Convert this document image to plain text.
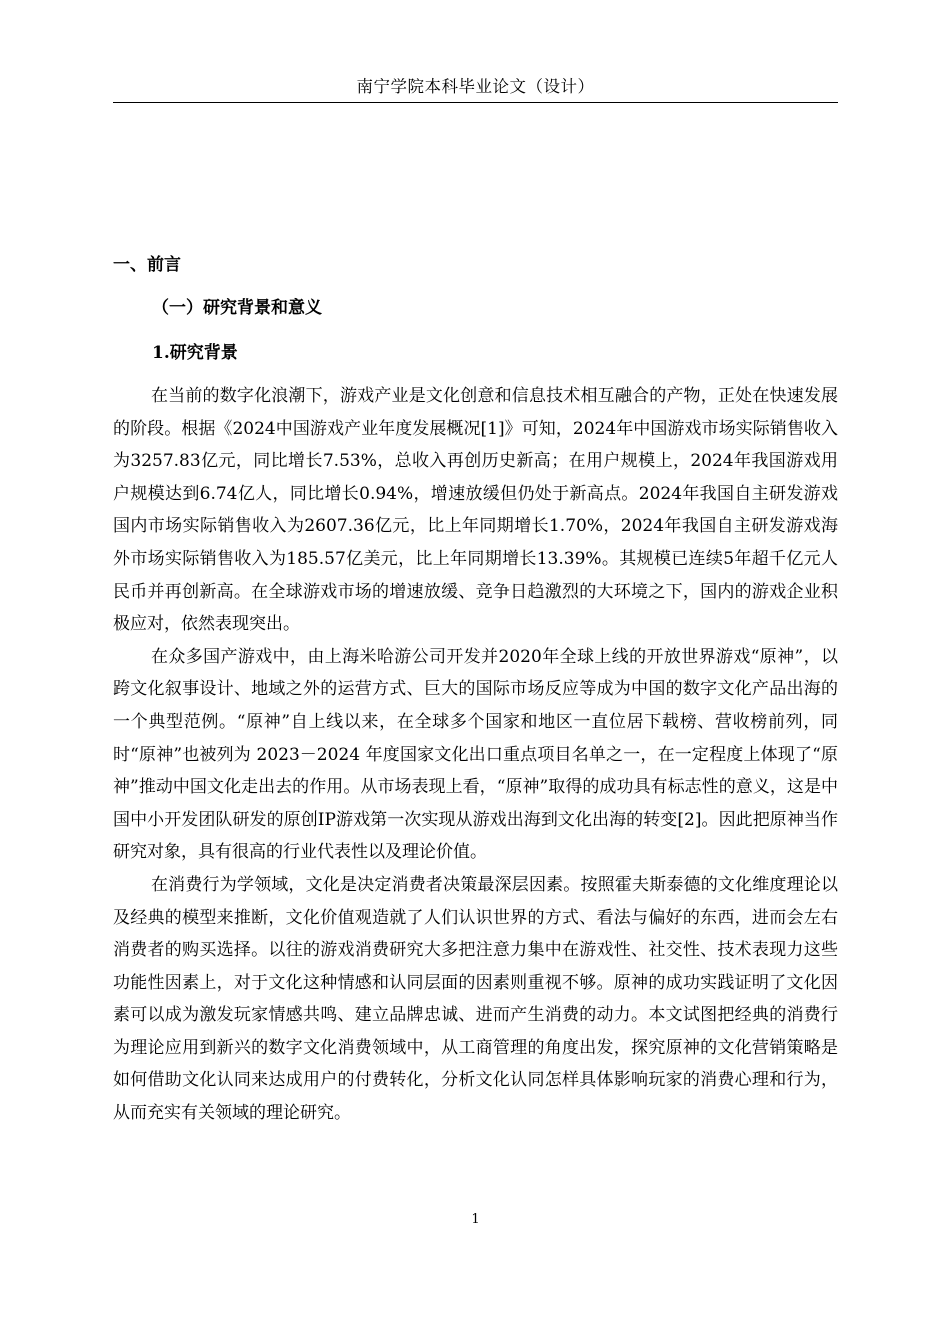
南宁学院本科毕业论文（设计）
一、前言
（一）研究背景和意义
1.研究背景

在当前的数字化浪潮下，游戏产业是文化创意和信息技术相互融合的产物，正处在快速发展的阶段。根据《2024中国游戏产业年度发展概况[1]》可知，2024年中国游戏市场实际销售收入为3257.83亿元，同比增长7.53%，总收入再创历史新高；在用户规模上，2024年我国游戏用户规模达到6.74亿人，同比增长0.94%，增速放缓但仍处于新高点。2024年我国自主研发游戏国内市场实际销售收入为2607.36亿元，比上年同期增长1.70%，2024年我国自主研发游戏海外市场实际销售收入为185.57亿美元，比上年同期增长13.39%。其规模已连续5年超千亿元人民币并再创新高。在全球游戏市场的增速放缓、竞争日趋激烈的大环境之下，国内的游戏企业积极应对，依然表现突出。

在众多国产游戏中，由上海米哈游公司开发并2020年全球上线的开放世界游戏“原神”，以跨文化叙事设计、地域之外的运营方式、巨大的国际市场反应等成为中国的数字文化产品出海的一个典型范例。“原神”自上线以来，在全球多个国家和地区一直位居下载榜、营收榜前列，同时“原神”也被列为 2023－2024 年度国家文化出口重点项目名单之一，在一定程度上体现了“原神”推动中国文化走出去的作用。从市场表现上看，“原神”取得的成功具有标志性的意义，这是中国中小开发团队研发的原创IP游戏第一次实现从游戏出海到文化出海的转变[2]。因此把原神当作研究对象，具有很高的行业代表性以及理论价值。

在消费行为学领域，文化是决定消费者决策最深层因素。按照霍夫斯泰德的文化维度理论以及经典的模型来推断，文化价值观造就了人们认识世界的方式、看法与偏好的东西，进而会左右消费者的购买选择。以往的游戏消费研究大多把注意力集中在游戏性、社交性、技术表现力这些功能性因素上，对于文化这种情感和认同层面的因素则重视不够。原神的成功实践证明了文化因素可以成为激发玩家情感共鸣、建立品牌忠诚、进而产生消费的动力。本文试图把经典的消费行为理论应用到新兴的数字文化消费领域中，从工商管理的角度出发，探究原神的文化营销策略是如何借助文化认同来达成用户的付费转化，分析文化认同怎样具体影响玩家的消费心理和行为，从而充实有关领域的理论研究。

1
